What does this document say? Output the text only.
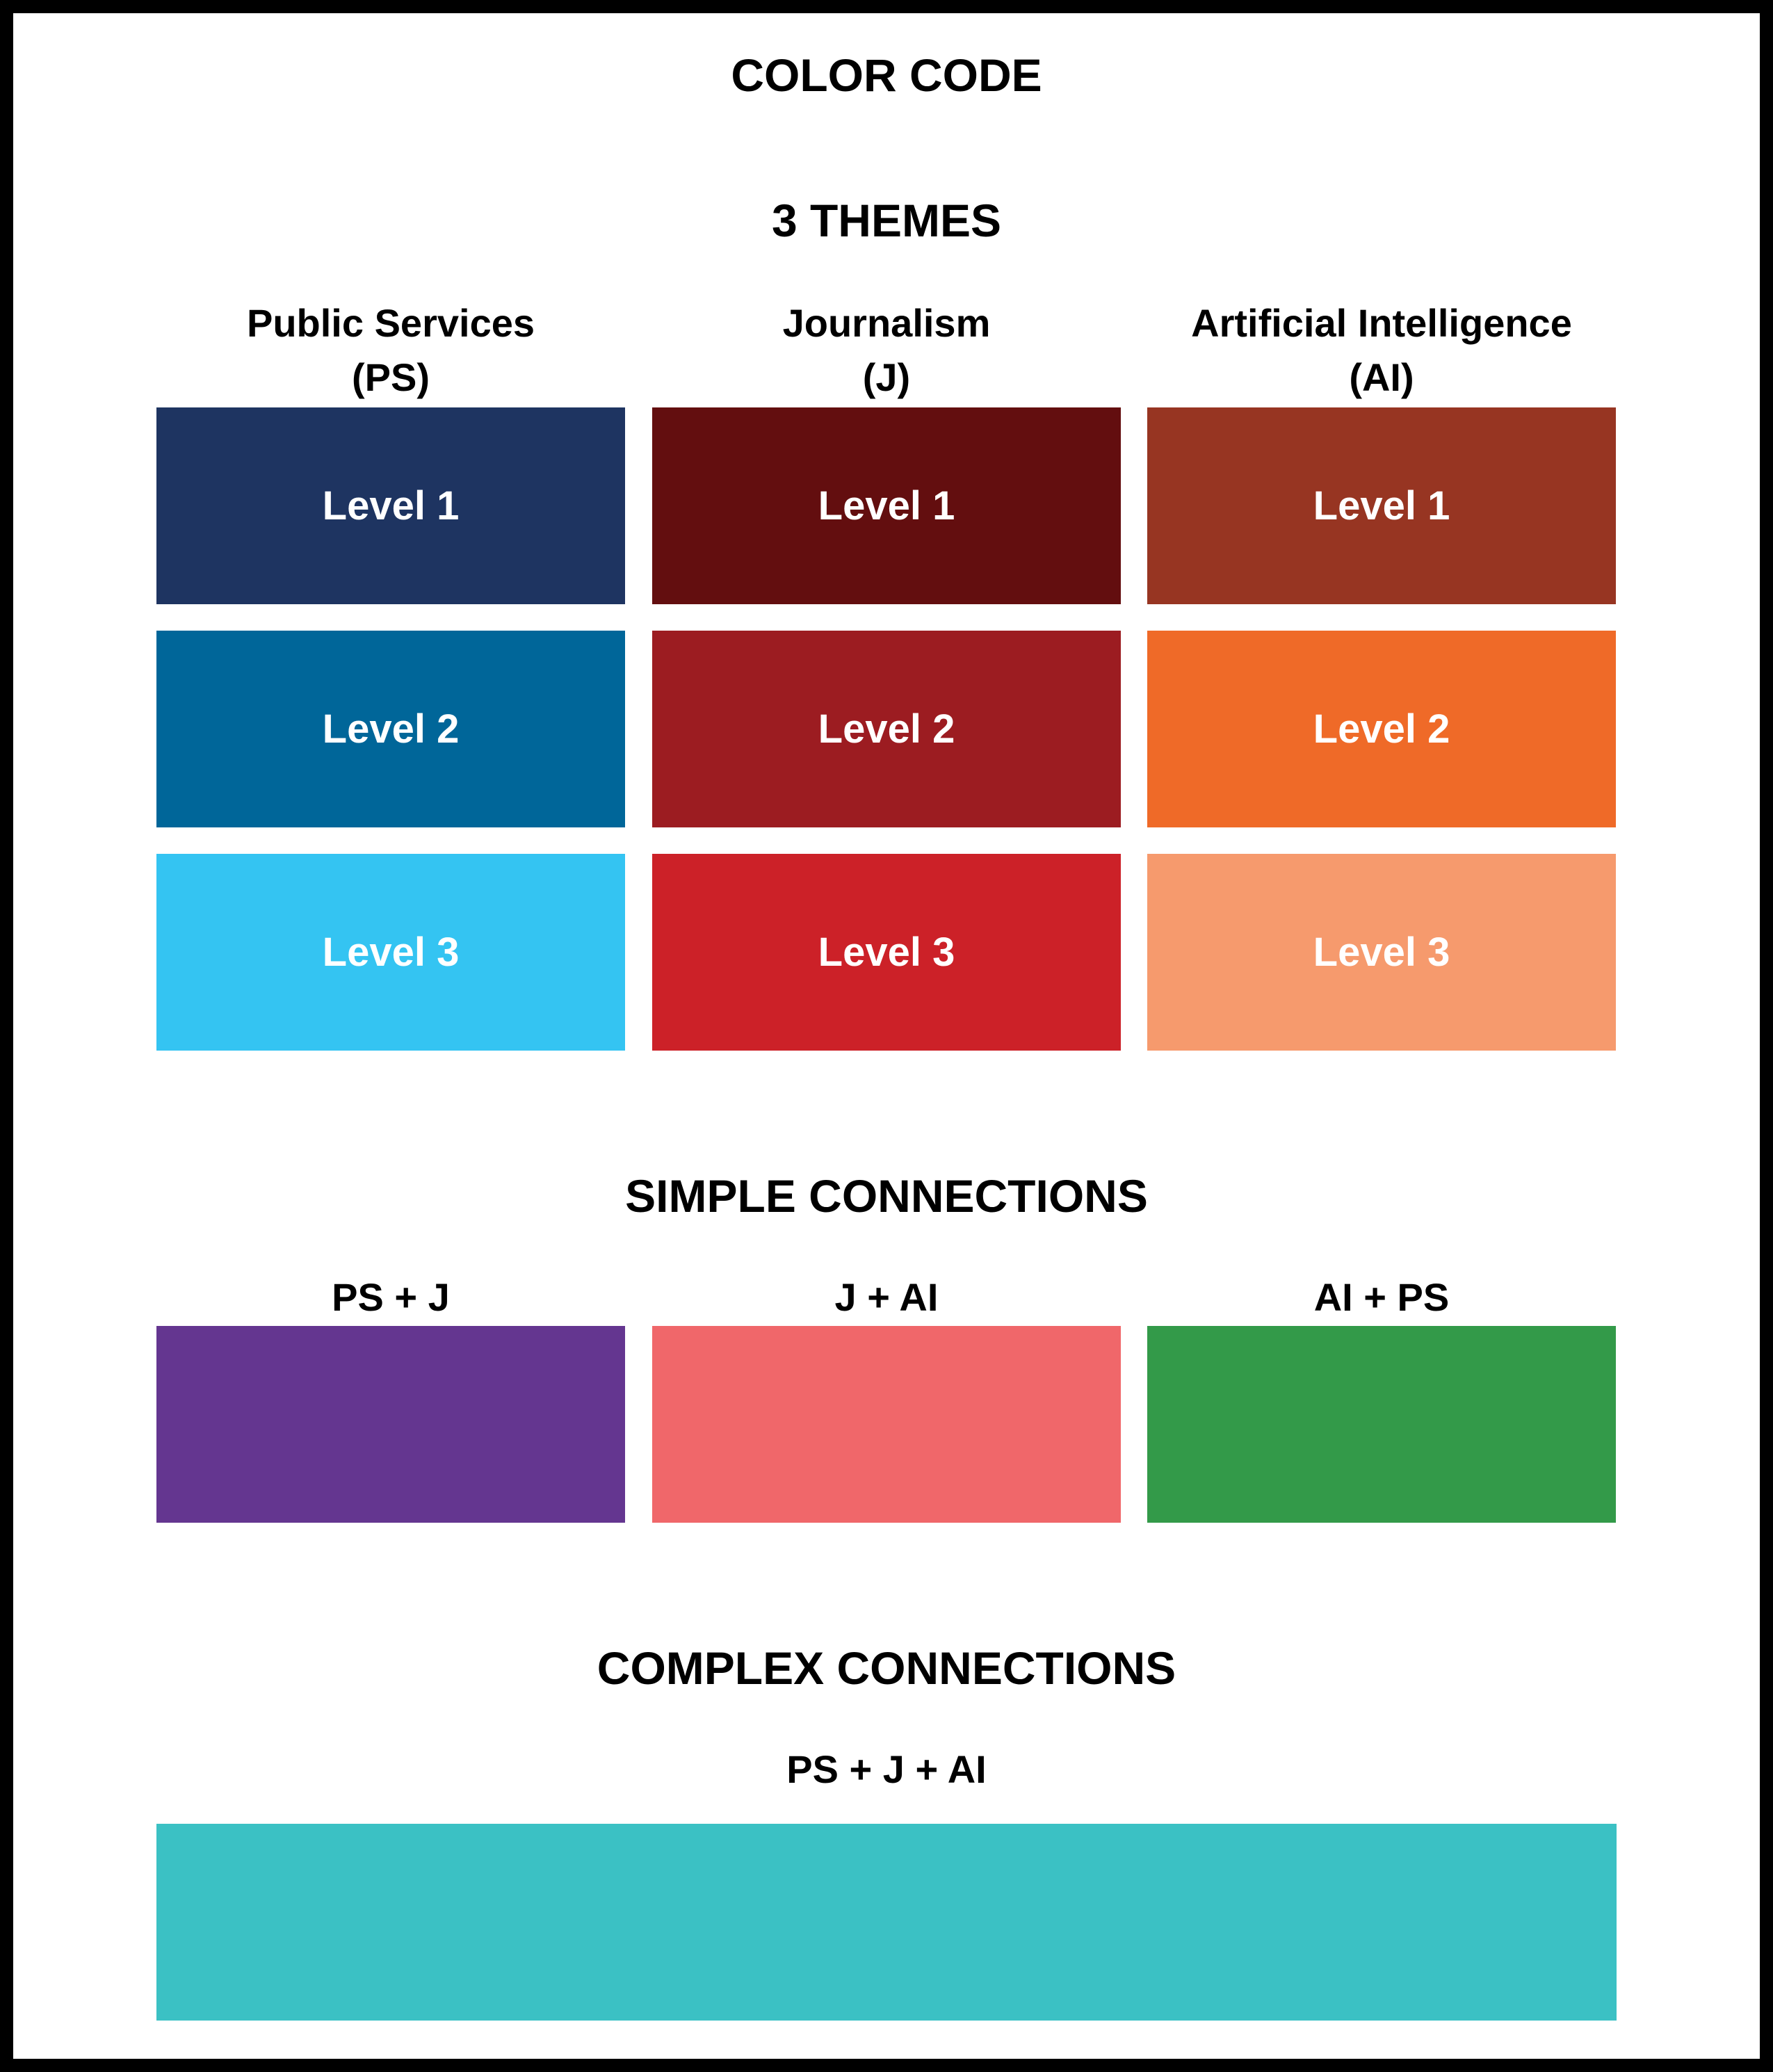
COLOR CODE
3 THEMES
Public Services
(PS)
Journalism
(J)
Artificial Intelligence
(AI)
Level 1
Level 2
Level 3
Level 1
Level 2
Level 3
Level 1
Level 2
Level 3
SIMPLE CONNECTIONS
PS + J	J + AI	AI + PS
COMPLEX CONNECTIONS
PS + J + AI
